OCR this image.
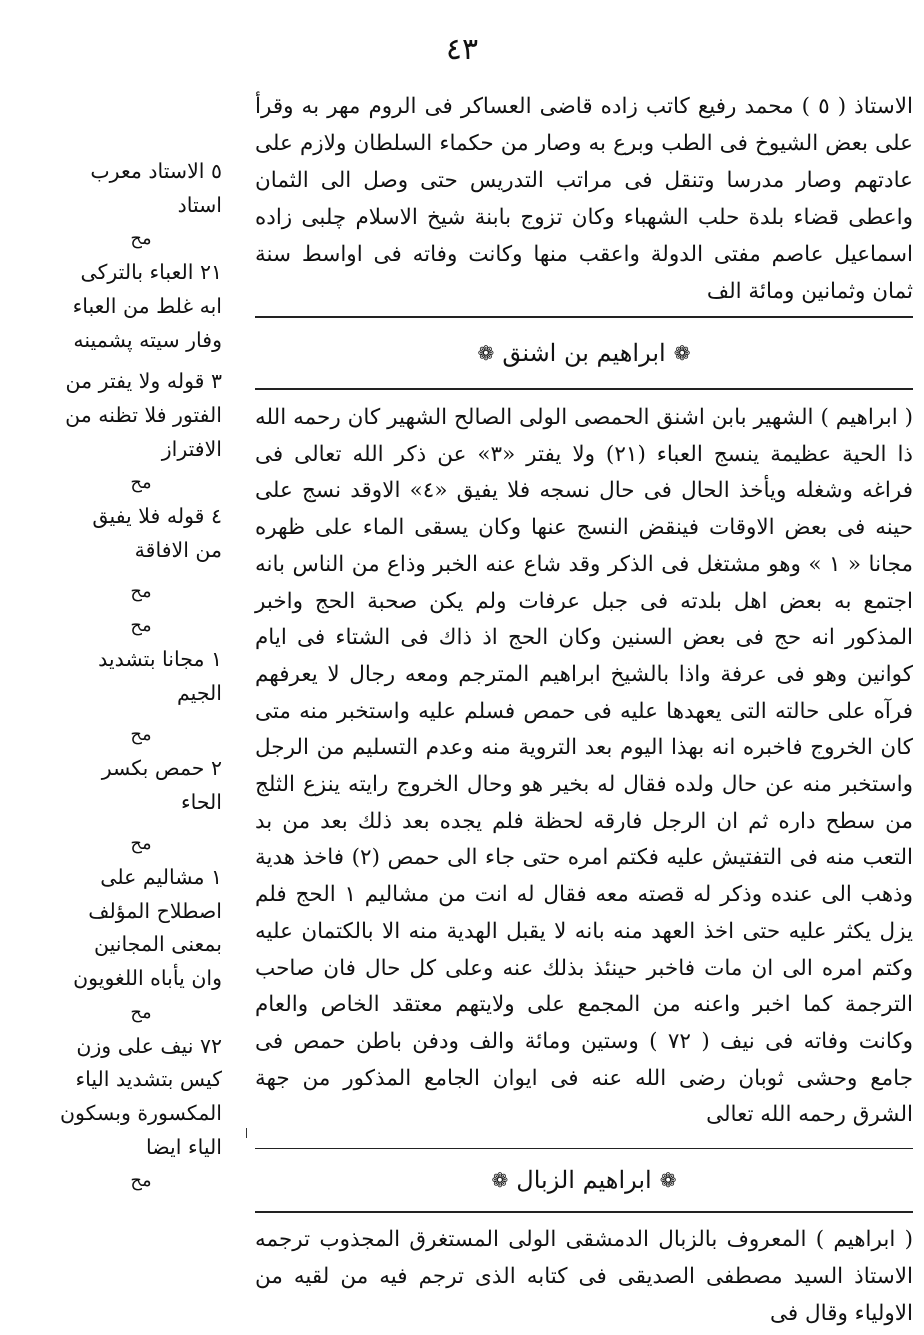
٤٣

الاستاذ ( ٥ ) محمد رفيع كاتب زاده قاضى العساكر فى الروم مهر به وقرأ على بعض الشيوخ فى الطب وبرع به وصار من حكماء السلطان ولازم على عادتهم وصار مدرسا وتنقل فى مراتب التدريس حتى وصل الى الثمان واعطى قضاء بلدة حلب الشهباء وكان تزوج بابنة شيخ الاسلام چلبى زاده اسماعيل عاصم مفتى الدولة واعقب منها وكانت وفاته فى اواسط سنة ثمان وثمانين ومائة الف

❁
ابراهيم بن اشنق
❁

( ابراهيم ) الشهير بابن اشنق الحمصى الولى الصالح الشهير كان رحمه الله ذا الحية عظيمة ينسج العباء (٢١) ولا يفتر «٣» عن ذكر الله تعالى فى فراغه وشغله ويأخذ الحال فى حال نسجه فلا يفيق «٤» الاوقد نسج على حينه فى بعض الاوقات فينقض النسج عنها وكان يسقى الماء على ظهره مجانا « ١ » وهو مشتغل فى الذكر وقد شاع عنه الخبر وذاع من الناس بانه اجتمع به بعض اهل بلدته فى جبل عرفات ولم يكن صحبة الحج واخبر المذكور انه حج فى بعض السنين وكان الحج اذ ذاك فى الشتاء فى ايام كوانين وهو فى عرفة واذا بالشيخ ابراهيم المترجم ومعه رجال لا يعرفهم فرآه على حالته التى يعهدها عليه فى حمص فسلم عليه واستخبر منه متى كان الخروج فاخبره انه بهذا اليوم بعد التروية منه وعدم التسليم من الرجل واستخبر منه عن حال ولده فقال له بخير هو وحال الخروج رايته ينزع الثلج من سطح داره ثم ان الرجل فارقه لحظة فلم يجده بعد ذلك بعد من بد التعب منه فى التفتيش عليه فكتم امره حتى جاء الى حمص (٢) فاخذ هدية وذهب الى عنده وذكر له قصته معه فقال له انت من مشاليم ١ الحج فلم يزل يكثر عليه حتى اخذ العهد منه بانه لا يقبل الهدية منه الا بالكتمان عليه وكتم امره الى ان مات فاخبر حينئذ بذلك عنه وعلى كل حال فان صاحب الترجمة كما اخبر واعنه من المجمع على ولايتهم معتقد الخاص والعام وكانت وفاته فى نيف ( ٧٢ ) وستين ومائة والف ودفن باطن حمص فى جامع وحشى ثوبان رضى الله عنه فى ايوان الجامع المذكور من جهة الشرق رحمه الله تعالى

❁
ابراهيم الزبال
❁

( ابراهيم ) المعروف بالزبال الدمشقى الولى المستغرق المجذوب ترجمه الاستاذ السيد مصطفى الصديقى فى كتابه الذى ترجم فيه من لقيه من الاولياء وقال فى

٥ الاستاد معرب استاد

مح

٢١ العباء بالتركى ابه غلط من العباء وفار سيته پشمينه

٣ قوله ولا يفتر من الفتور فلا تظنه من الافتراز

مح

٤ قوله فلا يفيق من الافاقة

مح

مح

١ مجانا بتشديد الجيم

مح

٢ حمص بكسر الحاء

مح

١ مشاليم على اصطلاح المؤلف بمعنى المجانين وان يأباه اللغويون

مح

٧٢ نيف على وزن كيس بتشديد الياء المكسورة وبسكون الياء ايضا

مح
